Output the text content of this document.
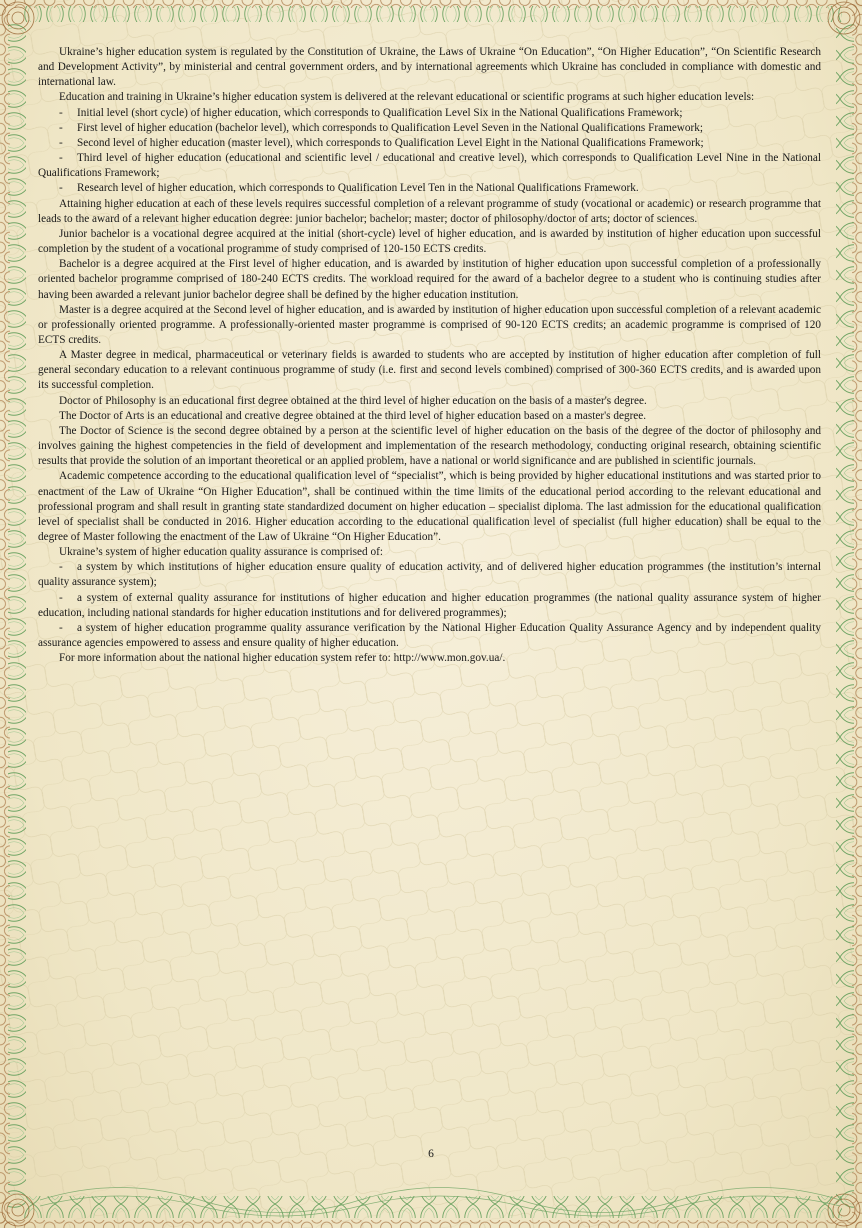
Ukraine’s higher education system is regulated by the Constitution of Ukraine, the Laws of Ukraine “On Education”, “On Higher Education”, “On Scientific Research and Development Activity”, by ministerial and central government orders, and by international agreements which Ukraine has concluded in compliance with domestic and international law.

Education and training in Ukraine’s higher education system is delivered at the relevant educational or scientific programs at such higher education levels:

- Initial level (short cycle) of higher education, which corresponds to Qualification Level Six in the National Qualifications Framework;

- First level of higher education (bachelor level), which corresponds to Qualification Level Seven in the National Qualifications Framework;

- Second level of higher education (master level), which corresponds to Qualification Level Eight in the National Qualifications Framework;

- Third level of higher education (educational and scientific level / educational and creative level), which corresponds to Qualification Level Nine in the National Qualifications Framework;

- Research level of higher education, which corresponds to Qualification Level Ten in the National Qualifications Framework.

Attaining higher education at each of these levels requires successful completion of a relevant programme of study (vocational or academic) or research programme that leads to the award of a relevant higher education degree: junior bachelor; bachelor; master; doctor of philosophy/doctor of arts; doctor of sciences.

Junior bachelor is a vocational degree acquired at the initial (short-cycle) level of higher education, and is awarded by institution of higher education upon successful completion by the student of a vocational programme of study comprised of 120-150 ECTS credits.

Bachelor is a degree acquired at the First level of higher education, and is awarded by institution of higher education upon successful completion of a professionally oriented bachelor programme comprised of 180-240 ECTS credits. The workload required for the award of a bachelor degree to a student who is continuing studies after having been awarded a relevant junior bachelor degree shall be defined by the higher education institution.

Master is a degree acquired at the Second level of higher education, and is awarded by institution of higher education upon successful completion of a relevant academic or professionally oriented programme. A professionally-oriented master programme is comprised of 90-120 ECTS credits; an academic programme is comprised of 120 ECTS credits.

A Master degree in medical, pharmaceutical or veterinary fields is awarded to students who are accepted by institution of higher education after completion of full general secondary education to a relevant continuous programme of study (i.e. first and second levels combined) comprised of 300-360 ECTS credits, and is awarded upon its successful completion.

Doctor of Philosophy is an educational first degree obtained at the third level of higher education on the basis of a master's degree.

The Doctor of Arts is an educational and creative degree obtained at the third level of higher education based on a master's degree.

The Doctor of Science is the second degree obtained by a person at the scientific level of higher education on the basis of the degree of the doctor of philosophy and involves gaining the highest competencies in the field of development and implementation of the research methodology, conducting original research, obtaining scientific results that provide the solution of an important theoretical or an applied problem, have a national or world significance and are published in scientific journals.

Academic competence according to the educational qualification level of “specialist”, which is being provided by higher educational institutions and was started prior to enactment of the Law of Ukraine “On Higher Education”, shall be continued within the time limits of the educational period according to the relevant educational and professional program and shall result in granting state standardized document on higher education – specialist diploma. The last admission for the educational qualification level of specialist shall be conducted in 2016. Higher education according to the educational qualification level of specialist (full higher education) shall be equal to the degree of Master following the enactment of the Law of Ukraine “On Higher Education”.

Ukraine’s system of higher education quality assurance is comprised of:

- a system by which institutions of higher education ensure quality of education activity, and of delivered higher education programmes (the institution’s internal quality assurance system);

- a system of external quality assurance for institutions of higher education and higher education programmes (the national quality assurance system of higher education, including national standards for higher education institutions and for delivered programmes);

- a system of higher education programme quality assurance verification by the National Higher Education Quality Assurance Agency and by independent quality assurance agencies empowered to assess and ensure quality of higher education.

For more information about the national higher education system refer to: http://www.mon.gov.ua/.

6
